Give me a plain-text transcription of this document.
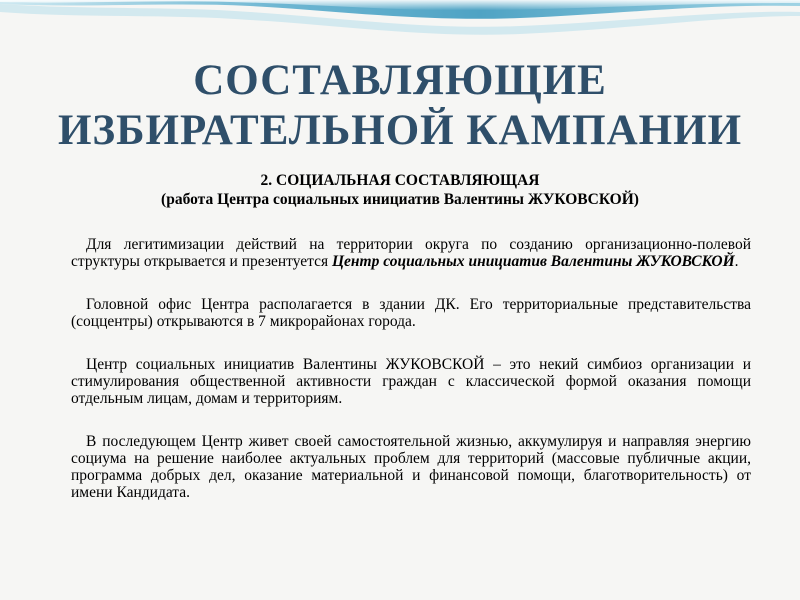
СОСТАВЛЯЮЩИЕ
ИЗБИРАТЕЛЬНОЙ КАМПАНИИ
2. СОЦИАЛЬНАЯ СОСТАВЛЯЮЩАЯ
(работа Центра социальных инициатив Валентины ЖУКОВСКОЙ)

Для легитимизации действий на территории округа по созданию организационно-полевой структуры открывается и презентуется Центр социальных инициатив Валентины ЖУКОВСКОЙ.

Головной офис Центра располагается в здании ДК. Его территориальные представительства (соццентры) открываются в 7 микрорайонах города.

Центр социальных инициатив Валентины ЖУКОВСКОЙ – это некий симбиоз организации и стимулирования общественной активности граждан с классической формой оказания помощи отдельным лицам, домам и территориям.

В последующем Центр живет своей самостоятельной жизнью, аккумулируя и направляя энергию социума на решение наиболее актуальных проблем для территорий (массовые публичные акции, программа добрых дел, оказание материальной и финансовой помощи, благотворительность) от имени Кандидата.
